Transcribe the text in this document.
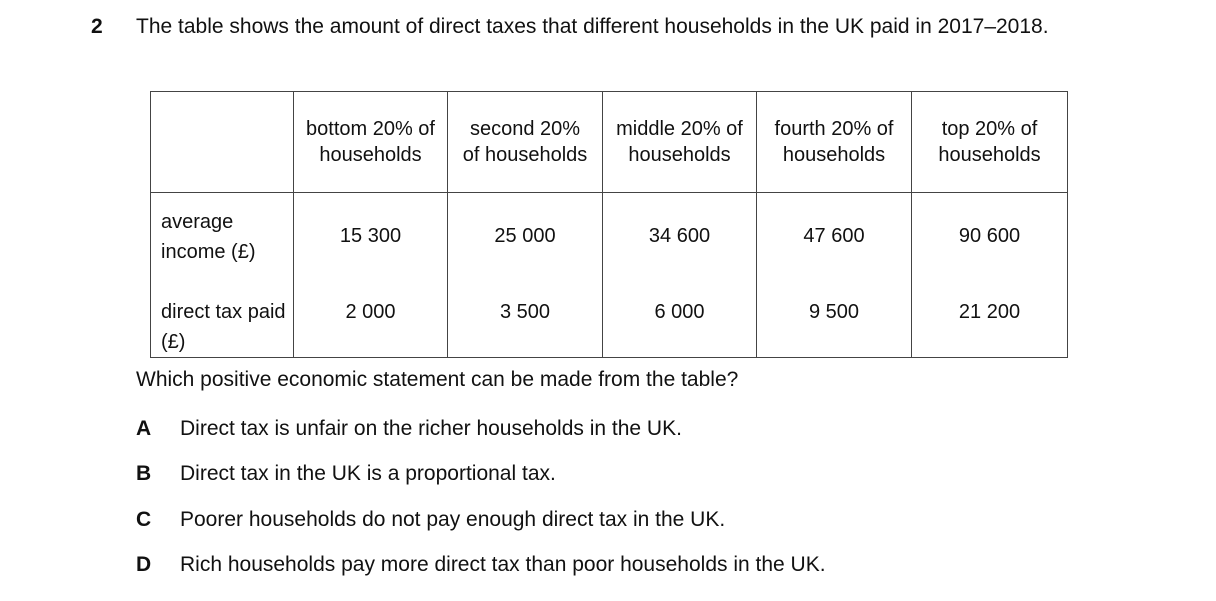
2 The table shows the amount of direct taxes that different households in the UK paid in 2017–2018.
	bottom 20% of households	second 20% of households	middle 20% of households	fourth 20% of households	top 20% of households
average income (£)	15 300	25 000	34 600	47 600	90 600
direct tax paid (£)	2 000	3 500	6 000	9 500	21 200
Which positive economic statement can be made from the table?
A Direct tax is unfair on the richer households in the UK.
B Direct tax in the UK is a proportional tax.
C Poorer households do not pay enough direct tax in the UK.
D Rich households pay more direct tax than poor households in the UK.
